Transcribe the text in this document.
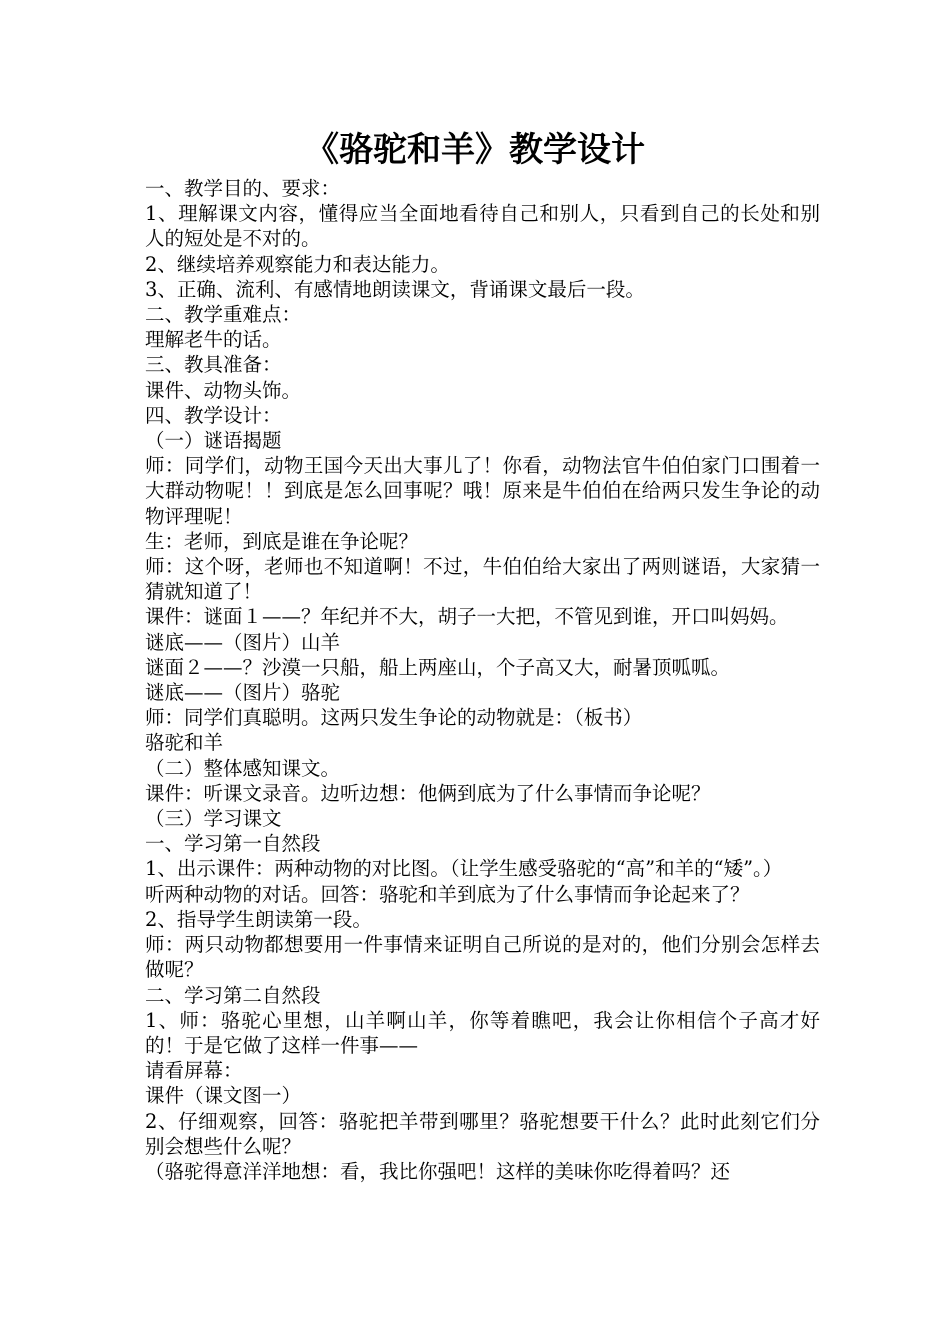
《骆驼和羊》教学设计

一、教学目的、要求：

1、理解课文内容，懂得应当全面地看待自己和别人，只看到自己的长处和别人的短处是不对的。

2、继续培养观察能力和表达能力。

3、正确、流利、有感情地朗读课文，背诵课文最后一段。

二、教学重难点：

理解老牛的话。

三、教具准备：

课件、动物头饰。

四、教学设计：

（一）谜语揭题

师：同学们，动物王国今天出大事儿了！你看，动物法官牛伯伯家门口围着一大群动物呢！！到底是怎么回事呢？哦！原来是牛伯伯在给两只发生争论的动物评理呢！

生：老师，到底是谁在争论呢？

师：这个呀，老师也不知道啊！不过，牛伯伯给大家出了两则谜语，大家猜一猜就知道了！

课件：谜面１——？年纪并不大，胡子一大把，不管见到谁，开口叫妈妈。

谜底——（图片）山羊

谜面２——？沙漠一只船，船上两座山，个子高又大，耐暑顶呱呱。

谜底——（图片）骆驼

师：同学们真聪明。这两只发生争论的动物就是：（板书）

骆驼和羊

（二）整体感知课文。

课件：听课文录音。边听边想：他俩到底为了什么事情而争论呢？

（三）学习课文

一、学习第一自然段

1、出示课件：两种动物的对比图。（让学生感受骆驼的“高”和羊的“矮”。）

听两种动物的对话。回答：骆驼和羊到底为了什么事情而争论起来了？

2、指导学生朗读第一段。

师：两只动物都想要用一件事情来证明自己所说的是对的，他们分别会怎样去做呢？

二、学习第二自然段

1、师：骆驼心里想，山羊啊山羊，你等着瞧吧，我会让你相信个子高才好的！于是它做了这样一件事——

请看屏幕：

课件（课文图一）

2、仔细观察，回答：骆驼把羊带到哪里？骆驼想要干什么？此时此刻它们分别会想些什么呢？

（骆驼得意洋洋地想：看，我比你强吧！这样的美味你吃得着吗？还
